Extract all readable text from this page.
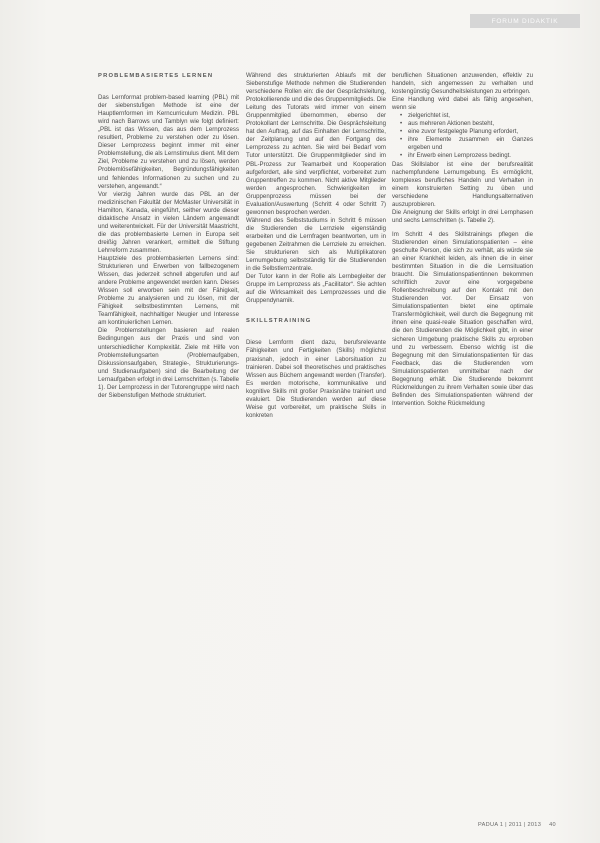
FORUM DIDAKTIK
PROBLEMBASIERTES LERNEN

Das Lernformat problem-based learning (PBL) mit der siebenstufigen Methode ist eine der Hauptlernformen im Kerncurriculum Medizin. PBL wird nach Barrows und Tamblyn wie folgt definiert: „PBL ist das Wissen, das aus dem Lernprozess resultiert, Probleme zu verstehen oder zu lösen. Dieser Lernprozess beginnt immer mit einer Problemstellung, die als Lernstimulus dient. Mit dem Ziel, Probleme zu verstehen und zu lösen, werden Problemlösefähigkeiten, Begründungsfähigkeiten und fehlendes Informationen zu suchen und zu verstehen, angewandt.“

Vor vierzig Jahren wurde das PBL an der medizinischen Fakultät der McMaster Universität in Hamilton, Kanada, eingeführt, seither wurde dieser didaktische Ansatz in vielen Ländern angewandt und weiterentwickelt. Für der Universität Maastricht, die das problembasierte Lernen in Europa seit dreißig Jahren verankert, ermittelt die Stiftung Lehrreform zusammen.

Hauptziele des problembasierten Lernens sind: Strukturieren und Erwerben von fallbezogenem Wissen, das jederzeit schnell abgerufen und auf andere Probleme angewendet werden kann. Dieses Wissen soll erworben sein mit der Fähigkeit, Probleme zu analysieren und zu lösen, mit der Fähigkeit selbstbestimmten Lernens, mit Teamfähigkeit, nachhaltiger Neugier und Interesse am kontinuierlichen Lernen.

Die Problemstellungen basieren auf realen Bedingungen aus der Praxis und sind von unterschiedlicher Komplexität. Ziele mit Hilfe von Problemstellungsarten (Problemaufgaben, Diskussionsaufgaben, Strategie-, Strukturierungs- und Studienaufgaben) sind die Bearbeitung der Lernaufgaben erfolgt in drei Lernschritten (s. Tabelle 1). Der Lernprozess in der Tutorengruppe wird nach der Siebenstufigen Methode strukturiert.

Während des strukturierten Ablaufs mit der Siebenstufige Methode nehmen die Studierenden verschiedene Rollen ein: die der Gesprächsleitung, Protokollierende und die des Gruppenmitglieds. Die Leitung des Tutorats wird immer von einem Gruppenmitglied übernommen, ebenso der Protokollant der Lernschritte. Die Gesprächsleitung hat den Auftrag, auf das Einhalten der Lernschritte, der Zeitplanung und auf den Fortgang des Lernprozess zu achten. Sie wird bei Bedarf vom Tutor unterstützt. Die Gruppenmitglieder sind im PBL-Prozess zur Teamarbeit und Kooperation aufgefordert, alle sind verpflichtet, vorbereitet zum Gruppentreffen zu kommen. Nicht aktive Mitglieder werden angesprochen. Schwierigkeiten im Gruppenprozess müssen bei der Evaluation/Auswertung (Schritt 4 oder Schritt 7) gewonnen besprochen werden.

Während des Selbststudiums in Schritt 6 müssen die Studierenden die Lernziele eigenständig erarbeiten und die Lernfragen beantworten, um in gegebenen Zeitrahmen die Lernziele zu erreichen. Sie strukturieren sich als Multiplikatoren Lernumgebung selbstständig für die Studierenden in die Selbstlernzentrale.

Der Tutor kann in der Rolle als Lernbegleiter der Gruppe im Lernprozess als „Facilitator“. Sie achten auf die Wirksamkeit des Lernprozesses und die Gruppendynamik.

SKILLSTRAINING

Diese Lernform dient dazu, berufsrelevante Fähigkeiten und Fertigkeiten (Skills) möglichst praxisnah, jedoch in einer Laborsituation zu trainieren. Dabei soll theoretisches und praktisches Wissen aus Büchern angewandt werden (Transfer). Es werden motorische, kommunikative und kognitive Skills mit großer Praxisnähe trainiert und evaluiert. Die Studierenden werden auf diese Weise gut vorbereitet, um praktische Skills in konkreten

beruflichen Situationen anzuwenden, effektiv zu handeln, sich angemessen zu verhalten und kostengünstig Gesundheitsleistungen zu erbringen.

Eine Handlung wird dabei als fähig angesehen, wenn sie

• zielgerichtet ist,
• aus mehreren Aktionen besteht,
• eine zuvor festgelegte Planung erfordert,
• ihre Elemente zusammen ein Ganzes ergeben und
• ihr Erwerb einen Lernprozess bedingt.

Das Skillslabor ist eine der berufsrealität nachempfundene Lernumgebung. Es ermöglicht, komplexes berufliches Handeln und Verhalten in einem konstruierten Setting zu üben und verschiedene Handlungsalternativen auszuprobieren.

Die Aneignung der Skills erfolgt in drei Lernphasen und sechs Lernschritten (s. Tabelle 2).

Im Schritt 4 des Skillstrainings pflegen die Studierenden einen Simulationspatienten – eine geschulte Person, die sich zu verhält, als würde sie an einer Krankheit leiden, als ihnen die in einer bestimmten Situation in die die Lernsituation braucht. Die Simulationspatientinnen bekommen schriftlich zuvor eine vorgegebene Rollenbeschreibung auf den Kontakt mit den Studierenden vor. Der Einsatz von Simulationspatienten bietet eine optimale Transfermöglichkeit, weil durch die Begegnung mit ihnen eine quasi-reale Situation geschaffen wird, die den Studierenden die Möglichkeit gibt, in einer sicheren Umgebung praktische Skills zu erproben und zu verbessern. Ebenso wichtig ist die Begegnung mit den Simulationspatienten für das Feedback, das die Studierenden vom Simulationspatienten unmittelbar nach der Begegnung erhält. Die Studierende bekommt Rückmeldungen zu ihrem Verhalten sowie über das Befinden des Simulationspatienten während der Intervention. Solche Rückmeldung

PADUA 1 | 2011 | 2013 40
